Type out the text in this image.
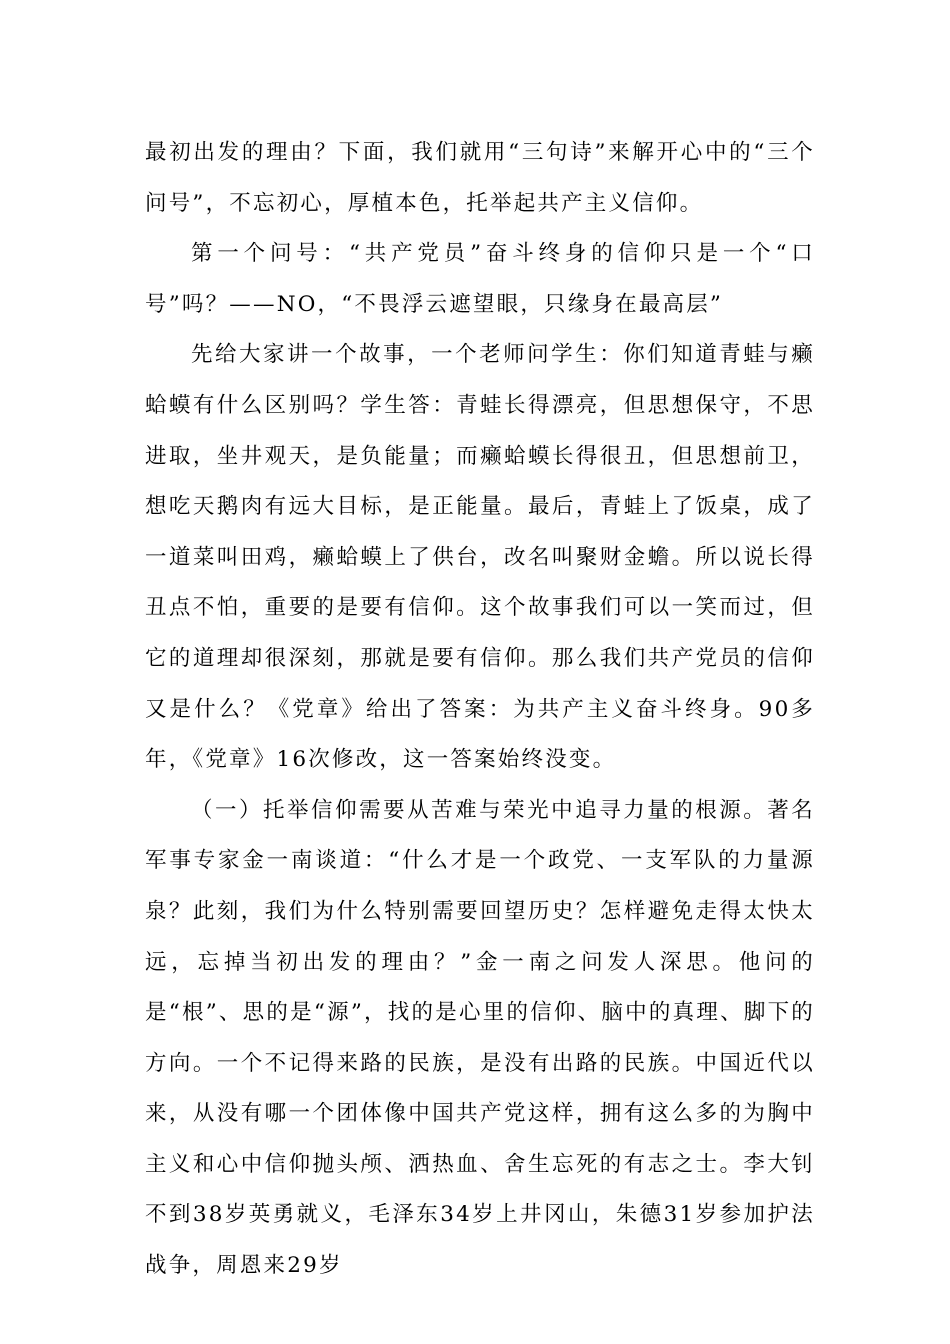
最初出发的理由？下面，我们就用“三句诗”来解开心中的“三个问号”，不忘初心，厚植本色，托举起共产主义信仰。

第一个问号：“共产党员”奋斗终身的信仰只是一个“口号”吗？——NO，“不畏浮云遮望眼，只缘身在最高层”

先给大家讲一个故事，一个老师问学生：你们知道青蛙与癞蛤蟆有什么区别吗？学生答：青蛙长得漂亮，但思想保守，不思进取，坐井观天，是负能量；而癞蛤蟆长得很丑，但思想前卫，想吃天鹅肉有远大目标，是正能量。最后，青蛙上了饭桌，成了一道菜叫田鸡，癞蛤蟆上了供台，改名叫聚财金蟾。所以说长得丑点不怕，重要的是要有信仰。这个故事我们可以一笑而过，但它的道理却很深刻，那就是要有信仰。那么我们共产党员的信仰又是什么？《党章》给出了答案：为共产主义奋斗终身。90多年，《党章》16次修改，这一答案始终没变。

（一）托举信仰需要从苦难与荣光中追寻力量的根源。著名军事专家金一南谈道：“什么才是一个政党、一支军队的力量源泉？此刻，我们为什么特别需要回望历史？怎样避免走得太快太远，忘掉当初出发的理由？”金一南之问发人深思。他问的是“根”、思的是“源”，找的是心里的信仰、脑中的真理、脚下的方向。一个不记得来路的民族，是没有出路的民族。中国近代以来，从没有哪一个团体像中国共产党这样，拥有这么多的为胸中主义和心中信仰抛头颅、洒热血、舍生忘死的有志之士。李大钊不到38岁英勇就义，毛泽东34岁上井冈山，朱德31岁参加护法战争，周恩来29岁
